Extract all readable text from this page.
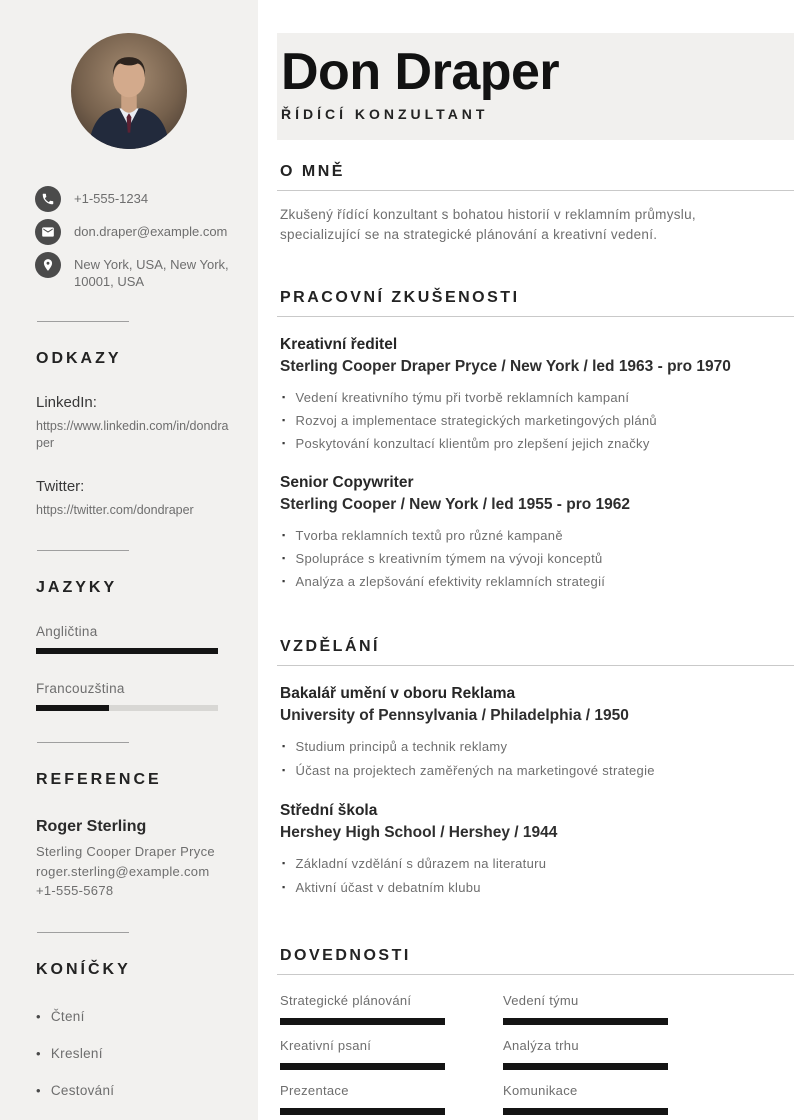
+1-555-1234
don.draper@example.com
New York, USA, New York, 10001, USA
ODKAZY
LinkedIn:
https://www.linkedin.com/in/dondraper
Twitter:
https://twitter.com/dondraper
JAZYKY
Angličtina
Francouzština
REFERENCE
Roger Sterling
Sterling Cooper Draper Pryce
roger.sterling@example.com
+1-555-5678
KONÍČKY
• Čtení
• Kreslení
• Cestování
Don Draper
ŘÍDÍCÍ KONZULTANT
O MNĚ

Zkušený řídící konzultant s bohatou historií v reklamním průmyslu, specializující se na strategické plánování a kreativní vedení.

PRACOVNÍ ZKUŠENOSTI
Kreativní ředitel
Sterling Cooper Draper Pryce / New York / led 1963 - pro 1970
▪ Vedení kreativního týmu při tvorbě reklamních kampaní
▪ Rozvoj a implementace strategických marketingových plánů
▪ Poskytování konzultací klientům pro zlepšení jejich značky
Senior Copywriter
Sterling Cooper / New York / led 1955 - pro 1962
▪ Tvorba reklamních textů pro různé kampaně
▪ Spolupráce s kreativním týmem na vývoji konceptů
▪ Analýza a zlepšování efektivity reklamních strategií
VZDĚLÁNÍ
Bakalář umění v oboru Reklama
University of Pennsylvania / Philadelphia / 1950
▪ Studium principů a technik reklamy
▪ Účast na projektech zaměřených na marketingové strategie
Střední škola
Hershey High School / Hershey / 1944
▪ Základní vzdělání s důrazem na literaturu
▪ Aktivní účast v debatním klubu
DOVEDNOSTI
Strategické plánování	Vedení týmu
Kreativní psaní	Analýza trhu
Prezentace	Komunikace
